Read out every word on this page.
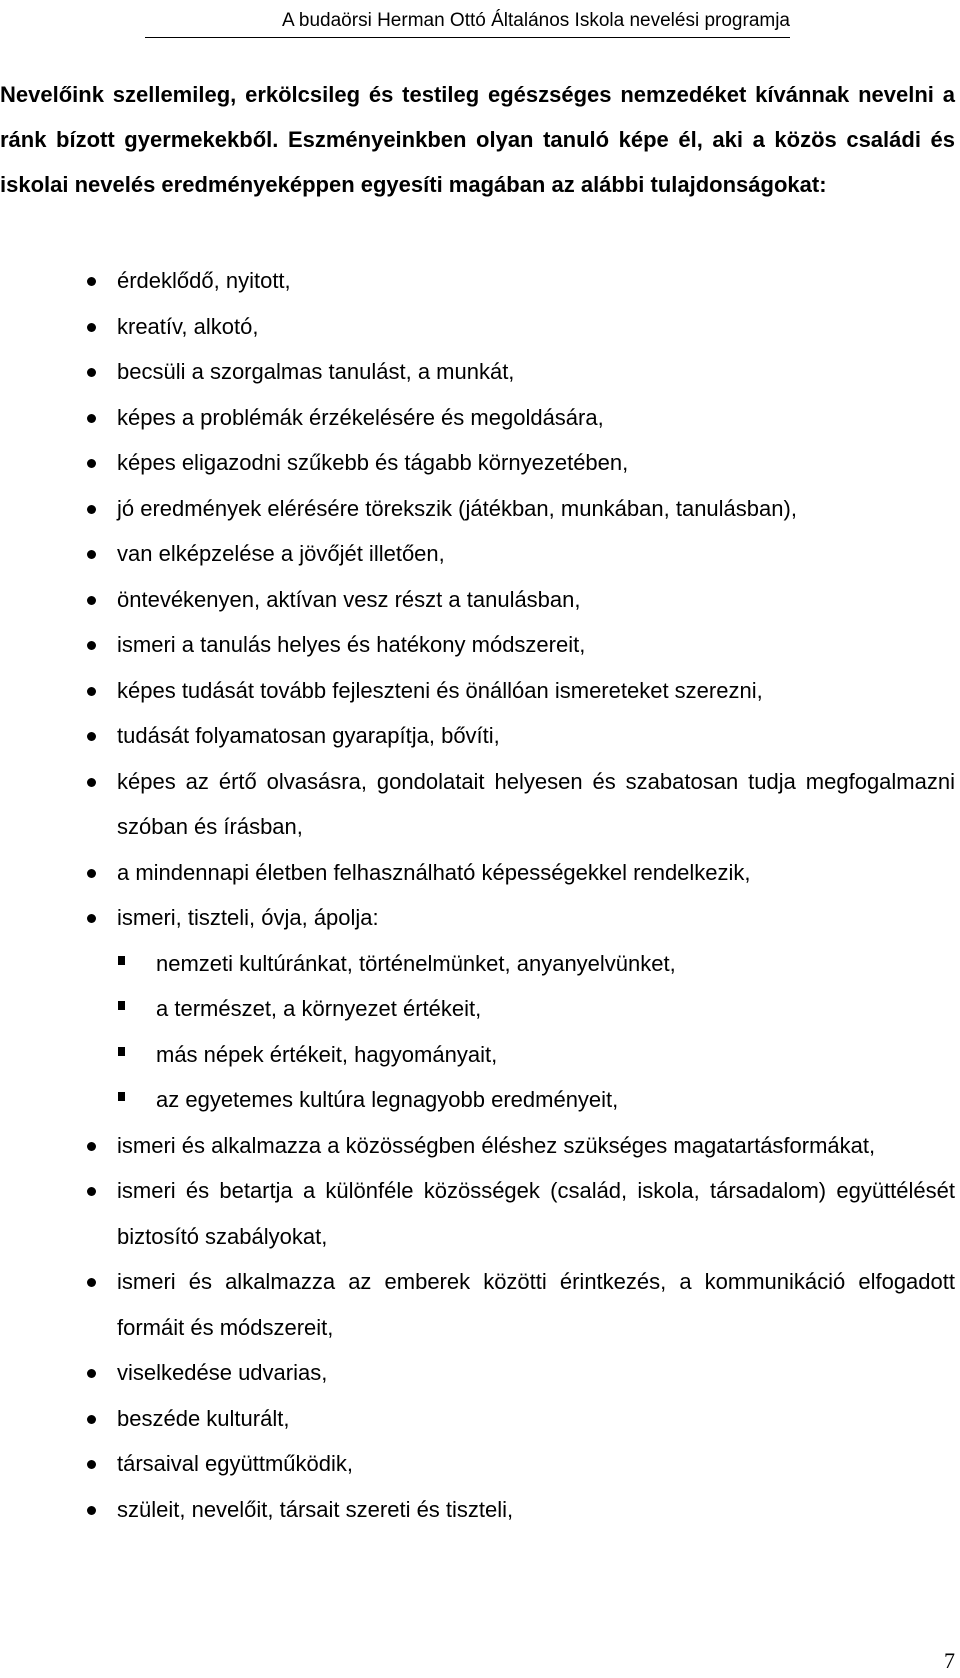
A budaörsi Herman Ottó Általános Iskola nevelési programja

Nevelőink szellemileg, erkölcsileg és testileg egészséges nemzedéket kívánnak nevelni a ránk bízott gyermekekből. Eszményeinkben olyan tanuló képe él, aki a közös családi és iskolai nevelés eredményeképpen egyesíti magában az alábbi tulajdonságokat:

érdeklődő, nyitott,
kreatív, alkotó,
becsüli a szorgalmas tanulást, a munkát,
képes a problémák érzékelésére és megoldására,
képes eligazodni szűkebb és tágabb környezetében,
jó eredmények elérésére törekszik (játékban, munkában, tanulásban),
van elképzelése a jövőjét illetően,
öntevékenyen, aktívan vesz részt a tanulásban,
ismeri a tanulás helyes és hatékony módszereit,
képes tudását tovább fejleszteni és önállóan ismereteket szerezni,
tudását folyamatosan gyarapítja, bővíti,
képes az értő olvasásra, gondolatait helyesen és szabatosan tudja megfogalmazni szóban és írásban,
a mindennapi életben felhasználható képességekkel rendelkezik,
ismeri, tiszteli, óvja, ápolja:
nemzeti kultúránkat, történelmünket, anyanyelvünket,
a természet, a környezet értékeit,
más népek értékeit, hagyományait,
az egyetemes kultúra legnagyobb eredményeit,
ismeri és alkalmazza a közösségben éléshez szükséges magatartásformákat,
ismeri és betartja a különféle közösségek (család, iskola, társadalom) együttélését biztosító szabályokat,
ismeri és alkalmazza az emberek közötti érintkezés, a kommunikáció elfogadott formáit és módszereit,
viselkedése udvarias,
beszéde kulturált,
társaival együttműködik,
szüleit, nevelőit, társait szereti és tiszteli,
7
